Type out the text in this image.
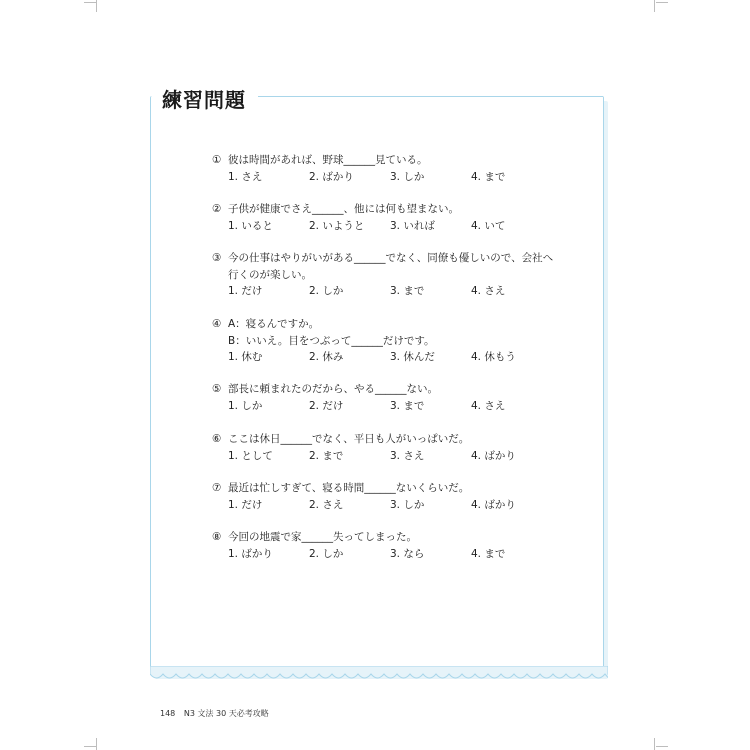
練習問題
① 彼は時間があれば、野球______見ている。
1. さえ	2. ばかり	3. しか	4. まで
② 子供が健康でさえ______、他には何も望まない。
1. いると	2. いようと	3. いれば	4. いて
③ 今の仕事はやりがいがある______でなく、同僚も優しいので、会社へ
行くのが楽しい。
1. だけ	2. しか	3. まで	4. さえ
④ A：寝るんですか。
B：いいえ。目をつぶって______だけです。
1. 休む	2. 休み	3. 休んだ	4. 休もう
⑤ 部長に頼まれたのだから、やる______ない。
1. しか	2. だけ	3. まで	4. さえ
⑥ ここは休日______でなく、平日も人がいっぱいだ。
1. として	2. まで	3. さえ	4. ばかり
⑦ 最近は忙しすぎて、寝る時間______ないくらいだ。
1. だけ	2. さえ	3. しか	4. ばかり
⑧ 今回の地震で家______失ってしまった。
1. ばかり	2. しか	3. なら	4. まで
148 N3 文法 30 天必考攻略
